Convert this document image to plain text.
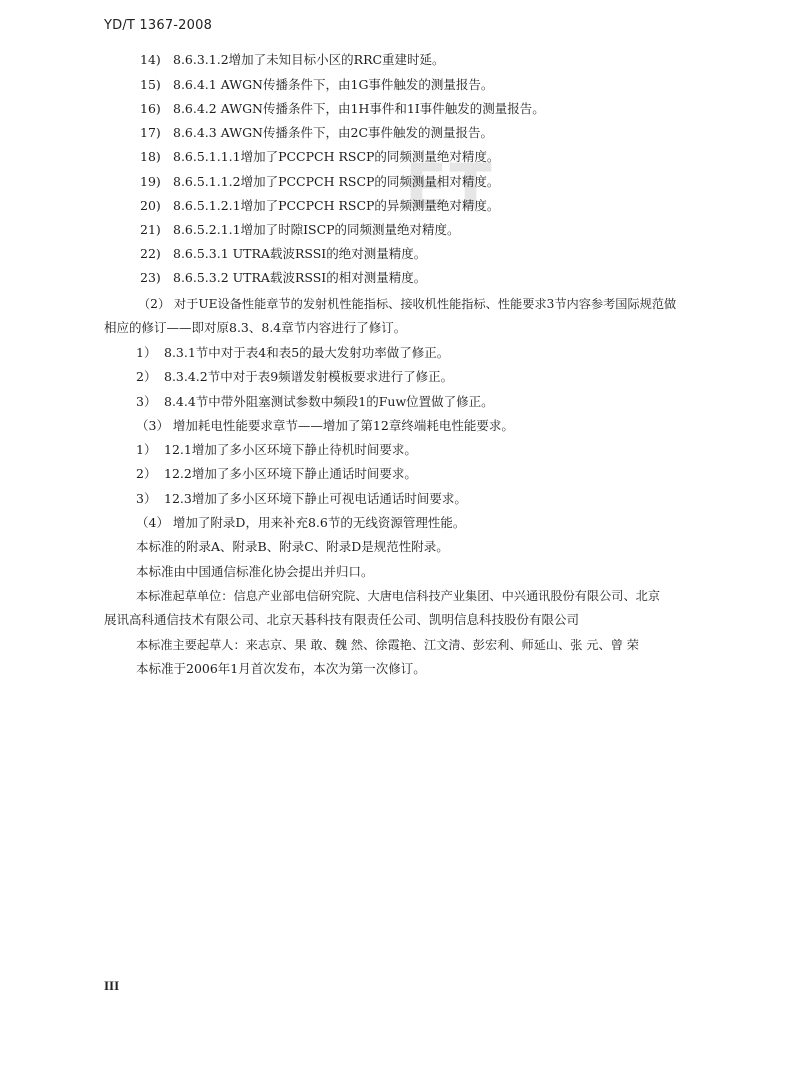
YD/T 1367-2008
ET
14) 8.6.3.1.2增加了未知目标小区的RRC重建时延。
15) 8.6.4.1 AWGN传播条件下，由1G事件触发的测量报告。
16) 8.6.4.2 AWGN传播条件下，由1H事件和1I事件触发的测量报告。
17) 8.6.4.3 AWGN传播条件下，由2C事件触发的测量报告。
18) 8.6.5.1.1.1增加了PCCPCH RSCP的同频测量绝对精度。
19) 8.6.5.1.1.2增加了PCCPCH RSCP的同频测量相对精度。
20) 8.6.5.1.2.1增加了PCCPCH RSCP的异频测量绝对精度。
21) 8.6.5.2.1.1增加了时隙ISCP的同频测量绝对精度。
22) 8.6.5.3.1 UTRA载波RSSI的绝对测量精度。
23) 8.6.5.3.2 UTRA载波RSSI的相对测量精度。
（2） 对于UE设备性能章节的发射机性能指标、接收机性能指标、性能要求3节内容参考国际规范做
相应的修订——即对原8.3、8.4章节内容进行了修订。
1） 8.3.1节中对于表4和表5的最大发射功率做了修正。
2） 8.3.4.2节中对于表9频谱发射模板要求进行了修正。
3） 8.4.4节中带外阻塞测试参数中频段1的Fuw位置做了修正。
（3） 增加耗电性能要求章节——增加了第12章终端耗电性能要求。
1） 12.1增加了多小区环境下静止待机时间要求。
2） 12.2增加了多小区环境下静止通话时间要求。
3） 12.3增加了多小区环境下静止可视电话通话时间要求。
（4） 增加了附录D，用来补充8.6节的无线资源管理性能。
本标准的附录A、附录B、附录C、附录D是规范性附录。
本标准由中国通信标准化协会提出并归口。
本标准起草单位：信息产业部电信研究院、大唐电信科技产业集团、中兴通讯股份有限公司、北京
展讯高科通信技术有限公司、北京天碁科技有限责任公司、凯明信息科技股份有限公司
本标准主要起草人：来志京、果 敢、魏 然、徐霞艳、江文清、彭宏利、师延山、张 元、曾 荣
本标准于2006年1月首次发布，本次为第一次修订。
III
